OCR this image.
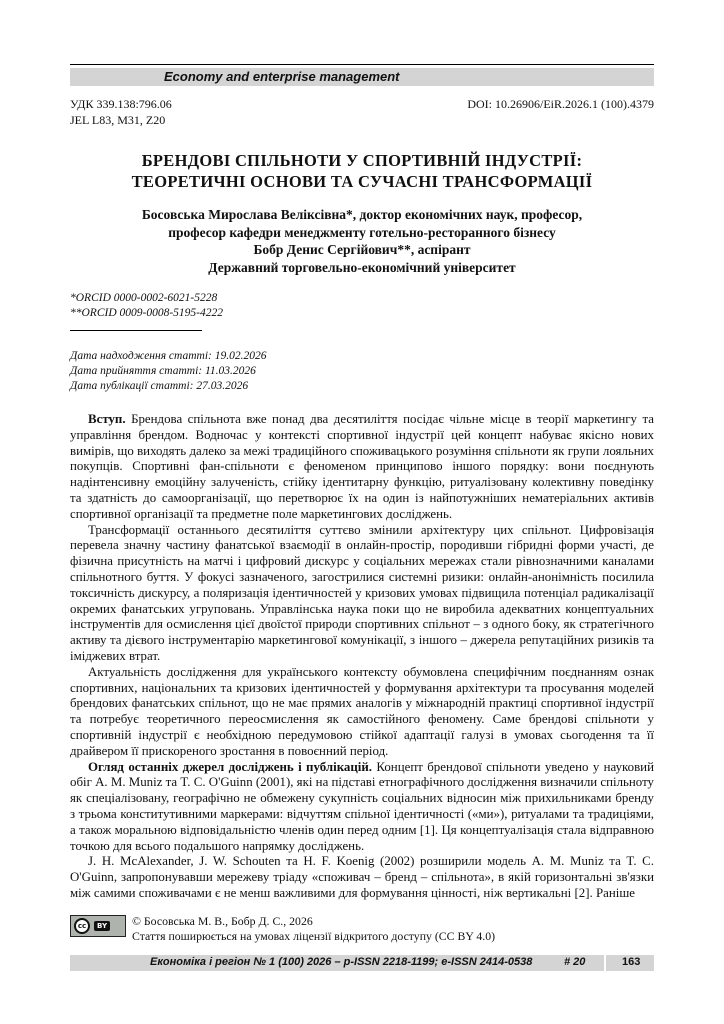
Economy and enterprise management
УДК 339.138:796.06
JEL L83, M31, Z20
DOI: 10.26906/EiR.2026.1 (100).4379
БРЕНДОВІ СПІЛЬНОТИ У СПОРТИВНІЙ ІНДУСТРІЇ:
ТЕОРЕТИЧНІ ОСНОВИ ТА СУЧАСНІ ТРАНСФОРМАЦІЇ
Босовська Мирослава Веліксівна*, доктор економічних наук, професор,
професор кафедри менеджменту готельно-ресторанного бізнесу
Бобр Денис Сергійович**, аспірант
Державний торговельно-економічний університет
*ORCID 0000-0002-6021-5228
**ORCID 0009-0008-5195-4222
Дата надходження статті: 19.02.2026
Дата прийняття статті: 11.03.2026
Дата публікації статті: 27.03.2026

Вступ. Брендова спільнота вже понад два десятиліття посідає чільне місце в теорії маркетингу та управління брендом. Водночас у контексті спортивної індустрії цей концепт набуває якісно нових вимірів, що виходять далеко за межі традиційного споживацького розуміння спільноти як групи лояльних покупців. Спортивні фан-спільноти є феноменом принципово іншого порядку: вони поєднують надінтенсивну емоційну залученість, стійку ідентитарну функцію, ритуалізовану колективну поведінку та здатність до самоорганізації, що перетворює їх на один із найпотужніших нематеріальних активів спортивної організації та предметне поле маркетингових досліджень.

Трансформації останнього десятиліття суттєво змінили архітектуру цих спільнот. Цифровізація перевела значну частину фанатської взаємодії в онлайн-простір, породивши гібридні форми участі, де фізична присутність на матчі і цифровий дискурс у соціальних мережах стали рівнозначними каналами спільнотного буття. У фокусі зазначеного, загострилися системні ризики: онлайн-анонімність посилила токсичність дискурсу, а поляризація ідентичностей у кризових умовах підвищила потенціал радикалізації окремих фанатських угруповань. Управлінська наука поки що не виробила адекватних концептуальних інструментів для осмислення цієї двоїстої природи спортивних спільнот – з одного боку, як стратегічного активу та дієвого інструментарію маркетингової комунікації, з іншого – джерела репутаційних ризиків та іміджевих втрат.

Актуальність дослідження для українського контексту обумовлена специфічним поєднанням ознак спортивних, національних та кризових ідентичностей у формування архітектури та просування моделей брендових фанатських спільнот, що не має прямих аналогів у міжнародній практиці спортивної індустрії та потребує теоретичного переосмислення як самостійного феномену. Саме брендові спільноти у спортивній індустрії є необхідною передумовою стійкої адаптації галузі в умовах сьогодення та її драйвером її прискореного зростання в повоєнний період.

Огляд останніх джерел досліджень і публікацій. Концепт брендової спільноти уведено у науковий обіг A. M. Muniz та T. C. O'Guinn (2001), які на підставі етнографічного дослідження визначили спільноту як спеціалізовану, географічно не обмежену сукупність соціальних відносин між прихильниками бренду з трьома конститутивними маркерами: відчуттям спільної ідентичності («ми»), ритуалами та традиціями, а також моральною відповідальністю членів один перед одним [1]. Ця концептуалізація стала відправною точкою для всього подальшого напрямку досліджень.

J. H. McAlexander, J. W. Schouten та H. F. Koenig (2002) розширили модель A. M. Muniz та T. C. O'Guinn, запропонувавши мережеву тріаду «споживач – бренд – спільнота», в якій горизонтальні зв'язки між самими споживачами є не менш важливими для формування цінності, ніж вертикальні [2]. Раніше

cc	BY © Босовська М. В., Бобр Д. С., 2026
Стаття поширюється на умовах ліцензії відкритого доступу (CC BY 4.0)
Економіка і регіон № 1 (100) 2026 – p-ISSN 2218-1199; e-ISSN 2414-0538	# 20	163
